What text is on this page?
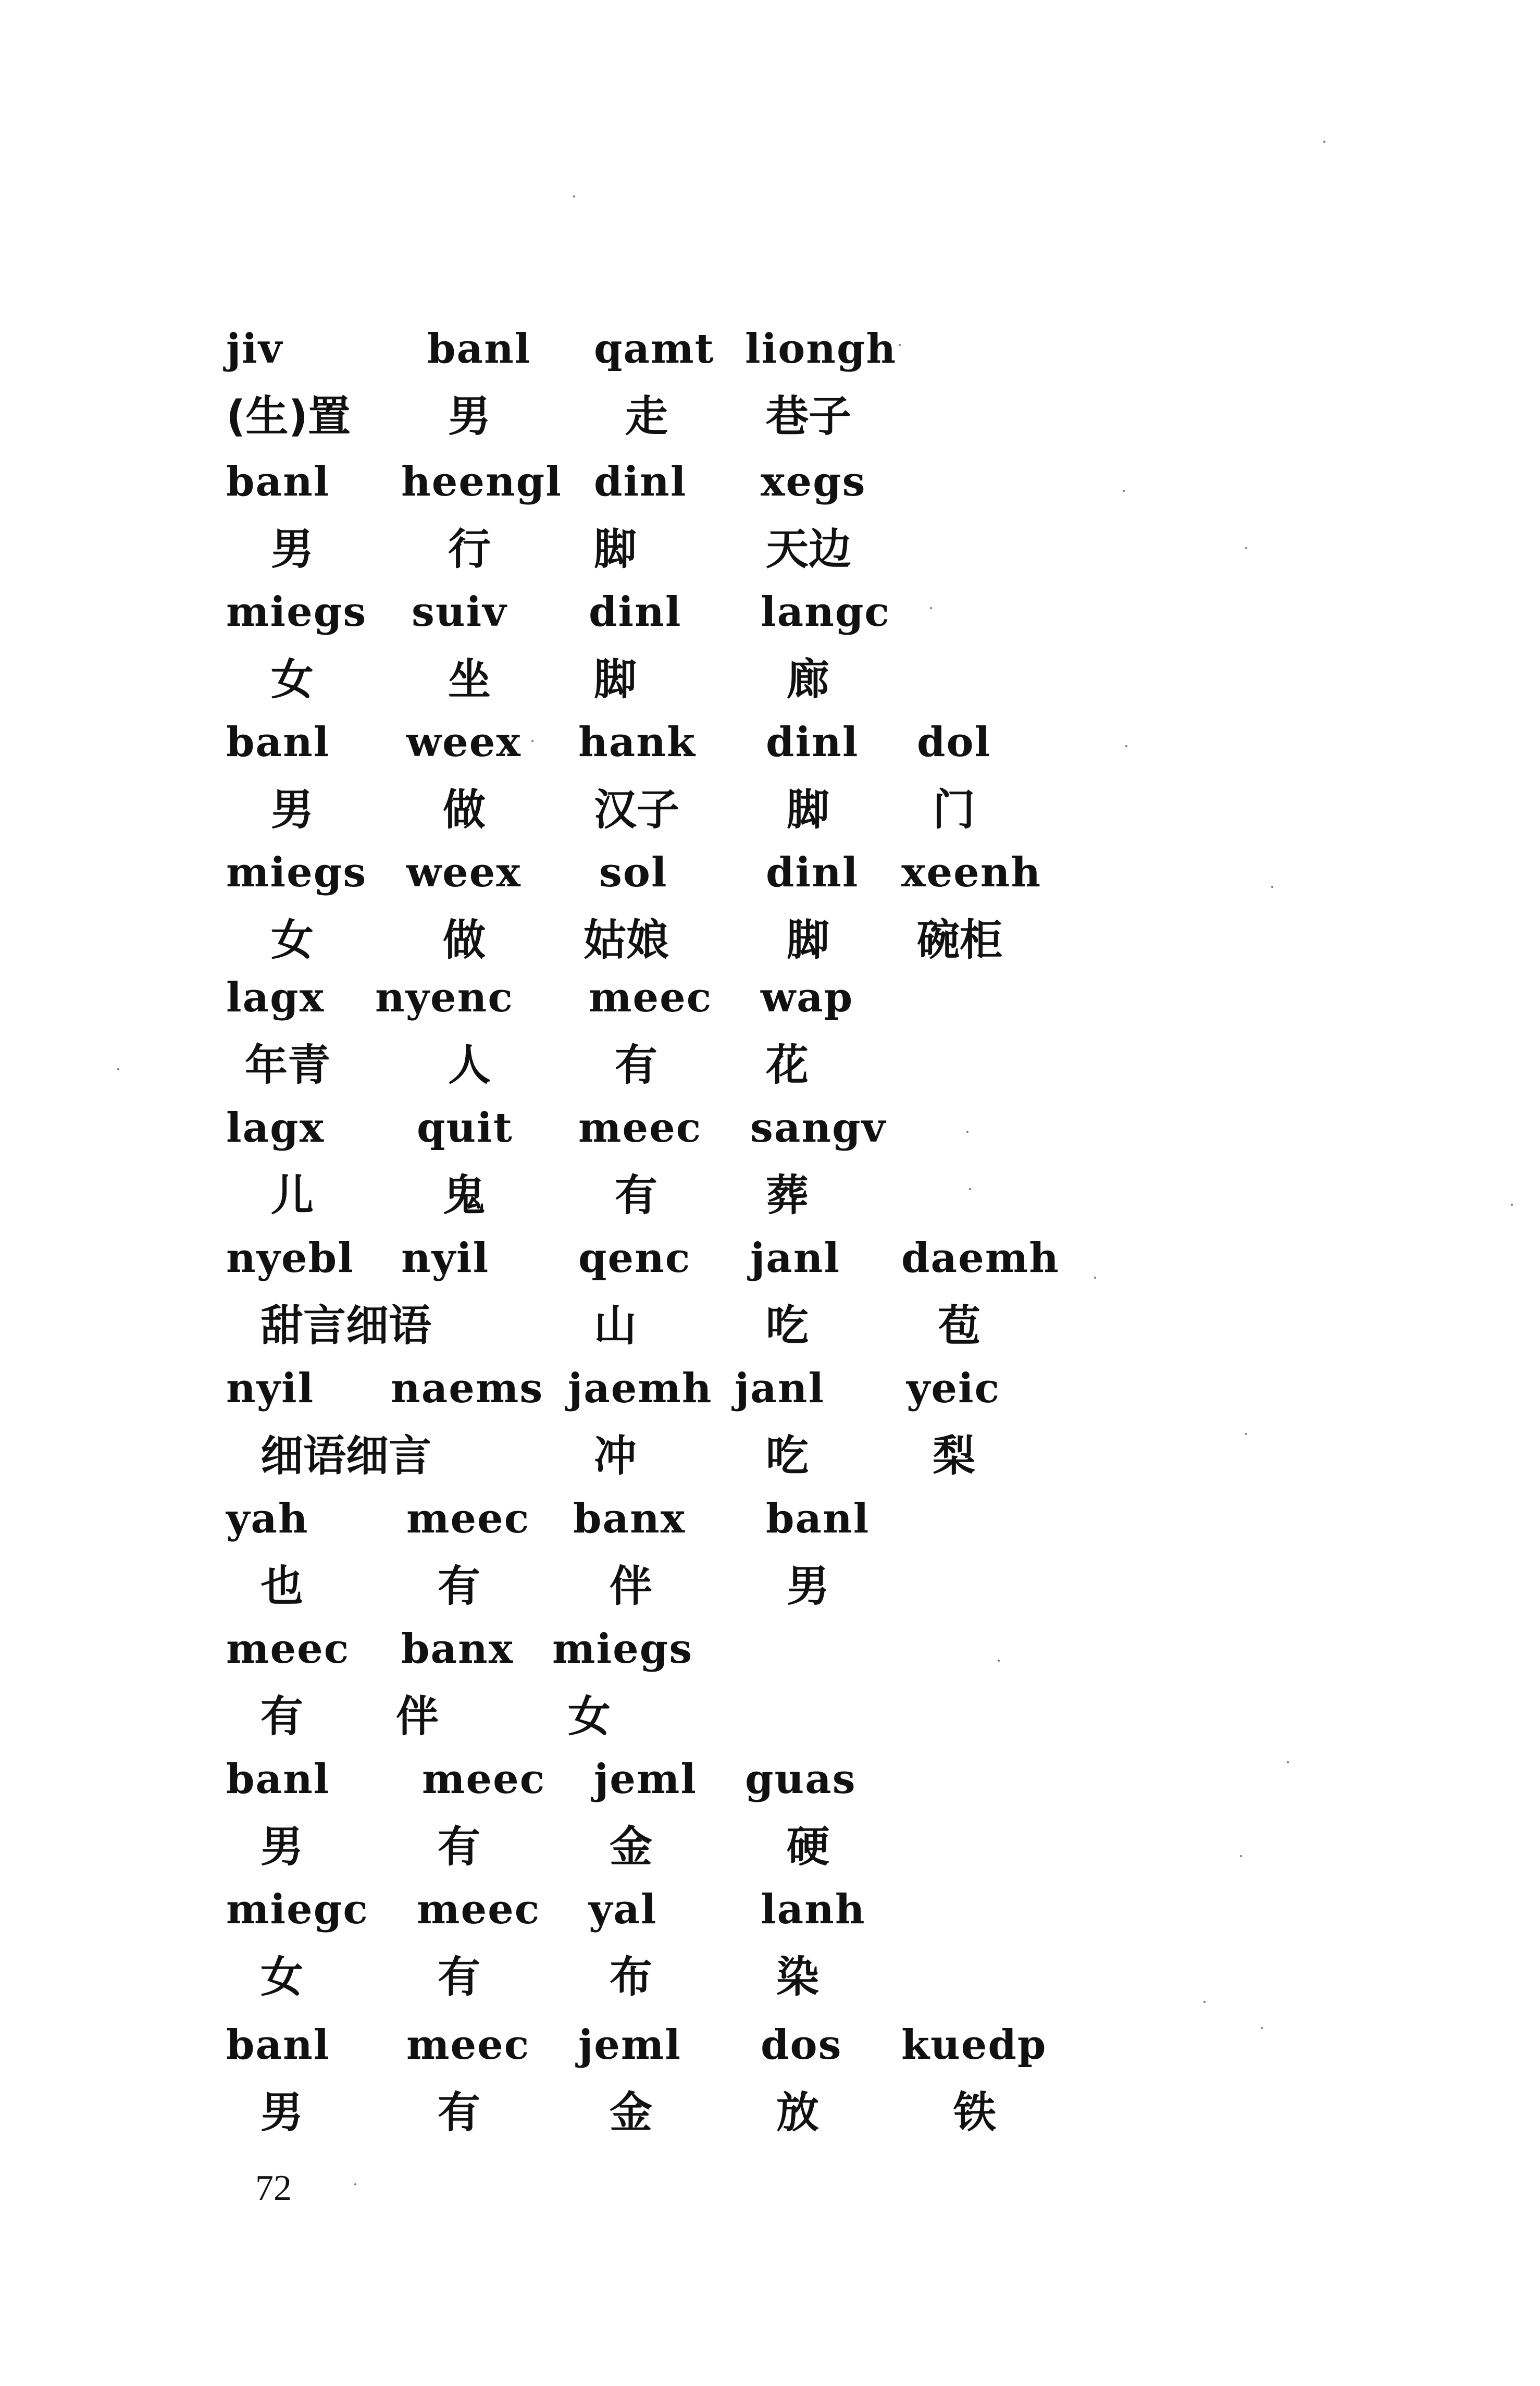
jiv	banl qamt liongh
(生)置 男	走 巷子
banl heengl dinl xegs
男	行 脚	天边
miegs suiv dinl langc
女	坐 脚	廊
banl weex hank dinl dol
男	做	汉子	脚 门
miegs weex sol dinl xeenh
女	做 姑娘	脚 碗柜
lagx nyenc meec wap
年青	人	有	花
lagx quit meec sangv
儿	鬼	有	葬
nyebl nyil qenc janl daemh
甜言细语	山	吃	苞
nyil naems jaemh janl yeic
细语细言	冲	吃	梨
yah meec banx banl
也	有	伴	男
meec banx miegs
有 伴	女
banl meec jeml guas
男	有	金	硬
miegc meec yal	lanh
女	有	布	染
banl meec jeml dos kuedp
男	有	金	放	铁
72
